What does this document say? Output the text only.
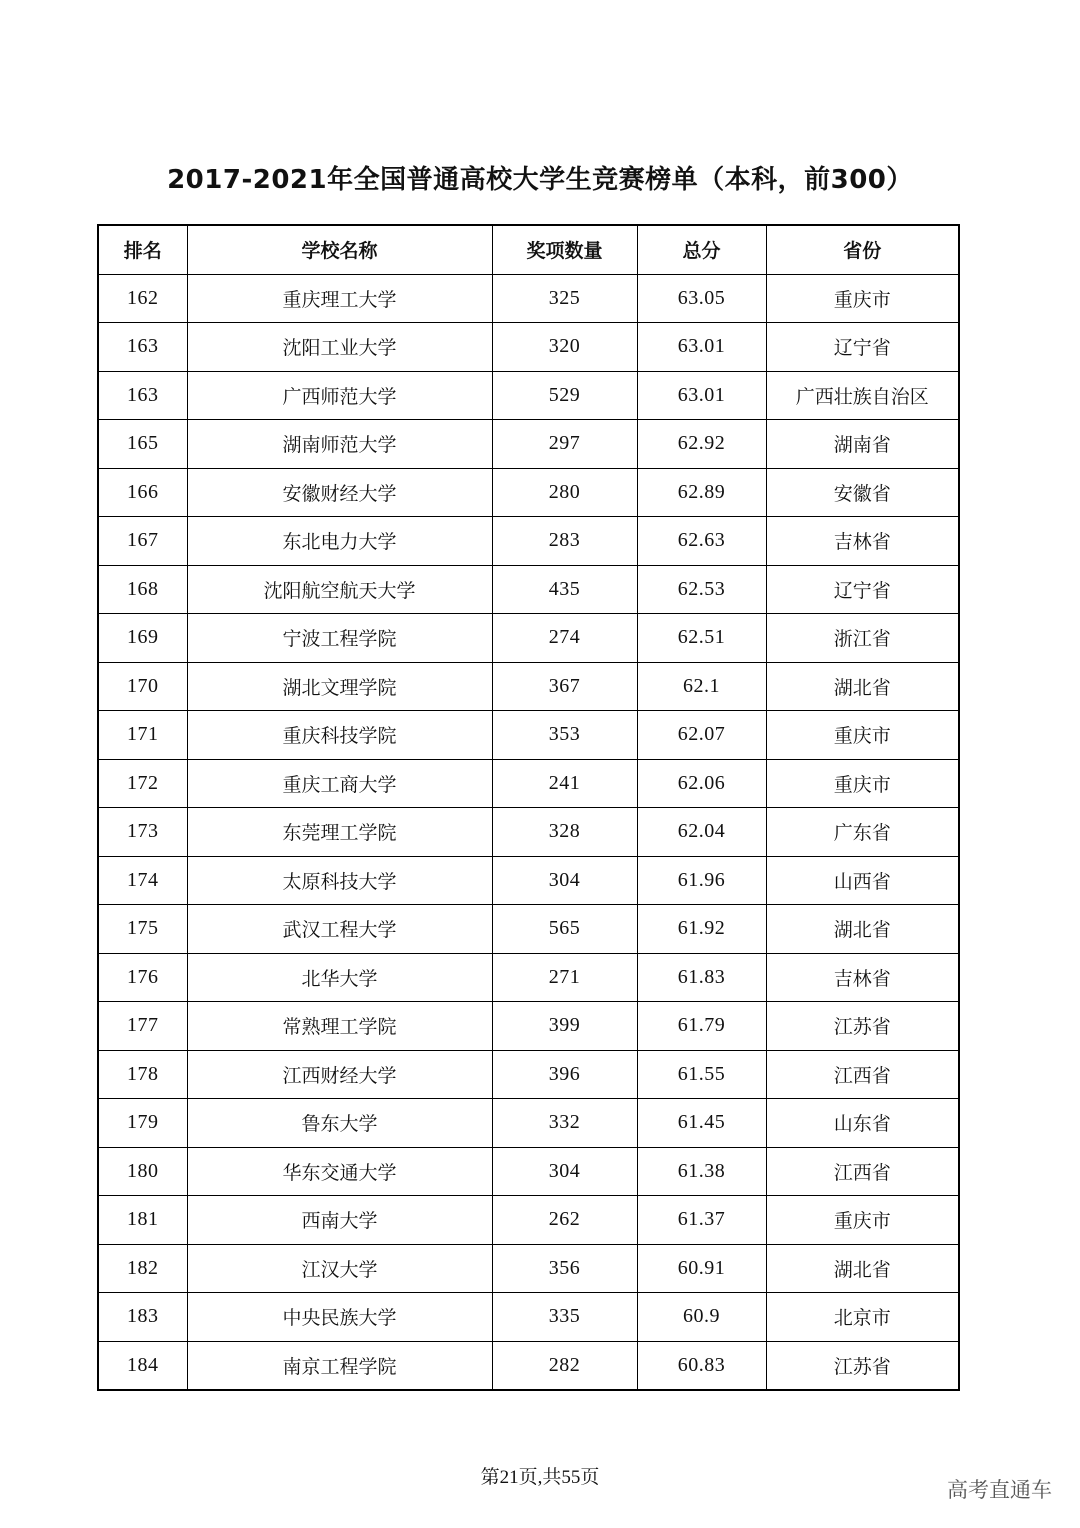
2017-2021年全国普通高校大学生竞赛榜单（本科，前300）
排名	学校名称	奖项数量	总分	省份
162	重庆理工大学	325	63.05	重庆市
163	沈阳工业大学	320	63.01	辽宁省
163	广西师范大学	529	63.01	广西壮族自治区
165	湖南师范大学	297	62.92	湖南省
166	安徽财经大学	280	62.89	安徽省
167	东北电力大学	283	62.63	吉林省
168	沈阳航空航天大学	435	62.53	辽宁省
169	宁波工程学院	274	62.51	浙江省
170	湖北文理学院	367	62.1	湖北省
171	重庆科技学院	353	62.07	重庆市
172	重庆工商大学	241	62.06	重庆市
173	东莞理工学院	328	62.04	广东省
174	太原科技大学	304	61.96	山西省
175	武汉工程大学	565	61.92	湖北省
176	北华大学	271	61.83	吉林省
177	常熟理工学院	399	61.79	江苏省
178	江西财经大学	396	61.55	江西省
179	鲁东大学	332	61.45	山东省
180	华东交通大学	304	61.38	江西省
181	西南大学	262	61.37	重庆市
182	江汉大学	356	60.91	湖北省
183	中央民族大学	335	60.9	北京市
184	南京工程学院	282	60.83	江苏省
第21页,共55页
高考直通车
